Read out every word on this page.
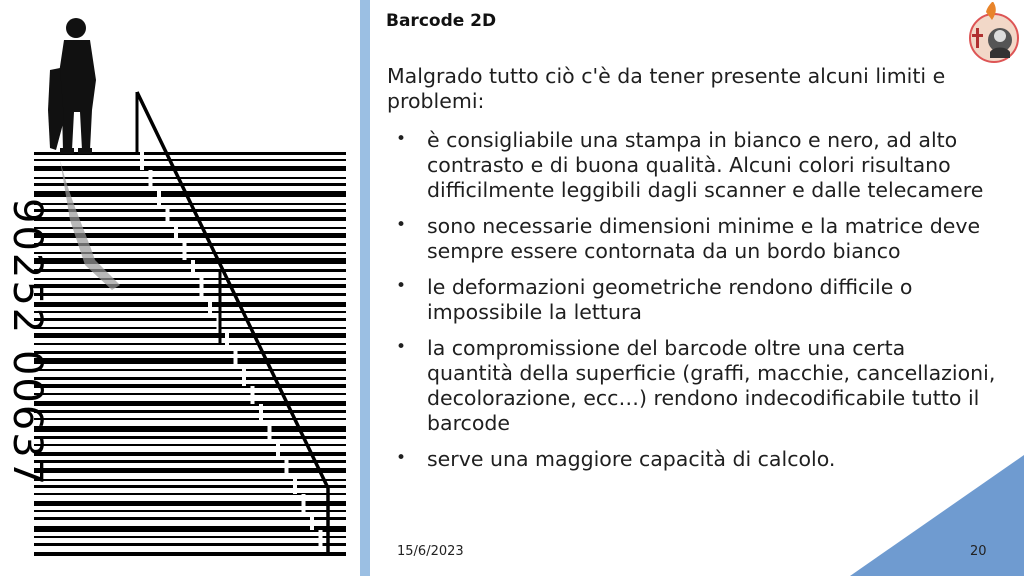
90252 00637
Barcode 2D
Malgrado tutto ciò c'è da tener presente alcuni limiti e problemi:
• è consigliabile una stampa in bianco e nero, ad alto contrasto e di buona qualità. Alcuni colori risultano difficilmente leggibili dagli scanner e dalle telecamere
• sono necessarie dimensioni minime e la matrice deve sempre essere contornata da un bordo bianco
• le deformazioni geometriche rendono difficile o impossibile la lettura
• la compromissione del barcode oltre una certa quantità della superficie (graffi, macchie, cancellazioni, decolorazione, ecc…) rendono indecodificabile tutto il barcode
• serve una maggiore capacità di calcolo.
15/6/2023	20
